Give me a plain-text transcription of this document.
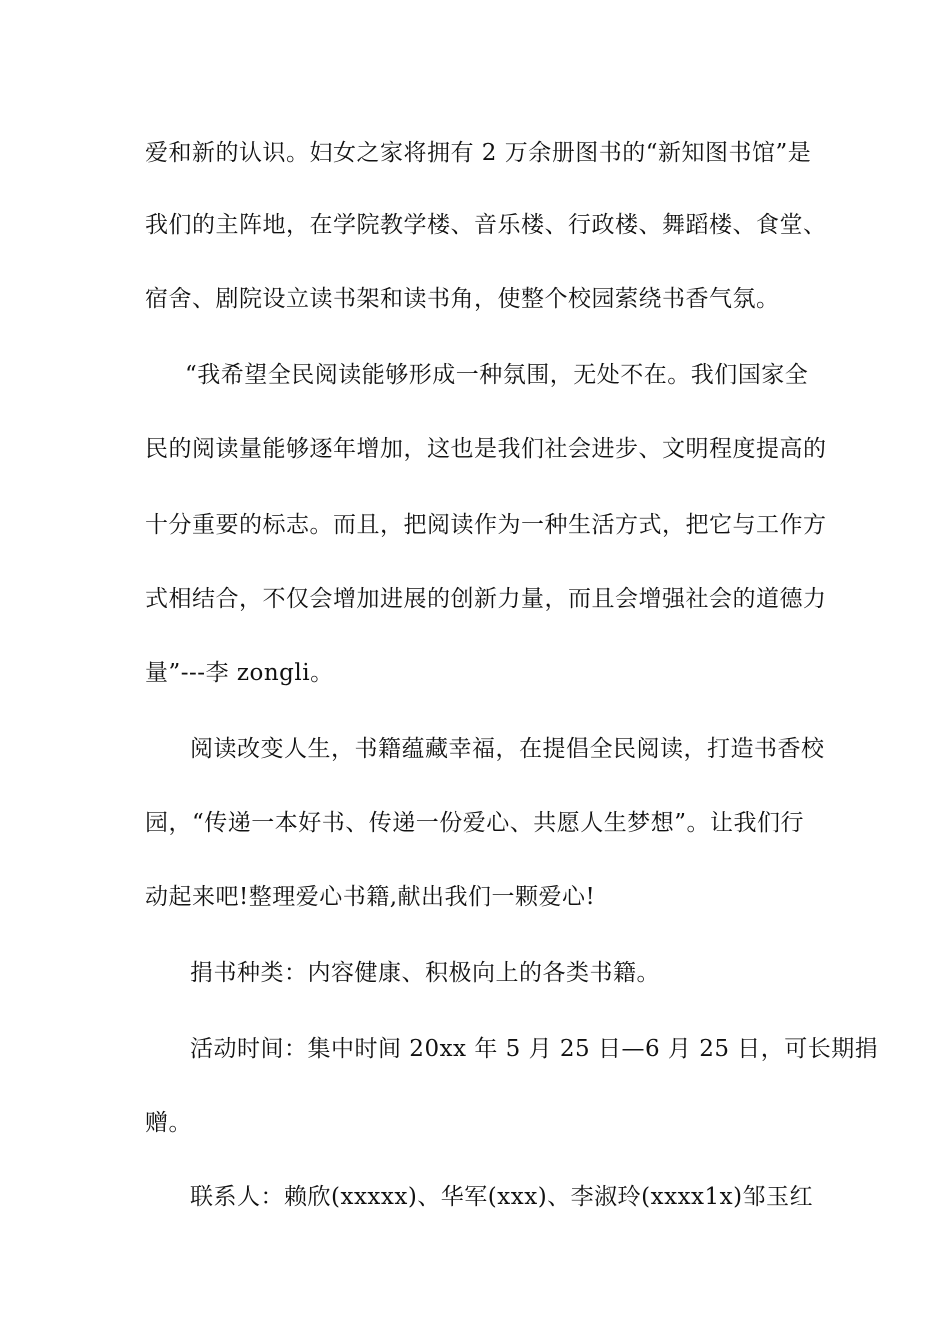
爱和新的认识。妇女之家将拥有 2 万余册图书的“新知图书馆”是
我们的主阵地，在学院教学楼、音乐楼、行政楼、舞蹈楼、食堂、
宿舍、剧院设立读书架和读书角，使整个校园萦绕书香气氛。
“我希望全民阅读能够形成一种氛围，无处不在。我们国家全
民的阅读量能够逐年增加，这也是我们社会进步、文明程度提高的
十分重要的标志。而且，把阅读作为一种生活方式，把它与工作方
式相结合，不仅会增加进展的创新力量，而且会增强社会的道德力
量”---李 zongli。
阅读改变人生，书籍蕴藏幸福，在提倡全民阅读，打造书香校
园，“传递一本好书、传递一份爱心、共愿人生梦想”。让我们行
动起来吧!整理爱心书籍,献出我们一颗爱心!
捐书种类：内容健康、积极向上的各类书籍。
活动时间：集中时间 20xx 年 5 月 25 日—6 月 25 日，可长期捐
赠。
联系人：赖欣(xxxxx)、华军(xxx)、李淑玲(xxxx1x)邹玉红
